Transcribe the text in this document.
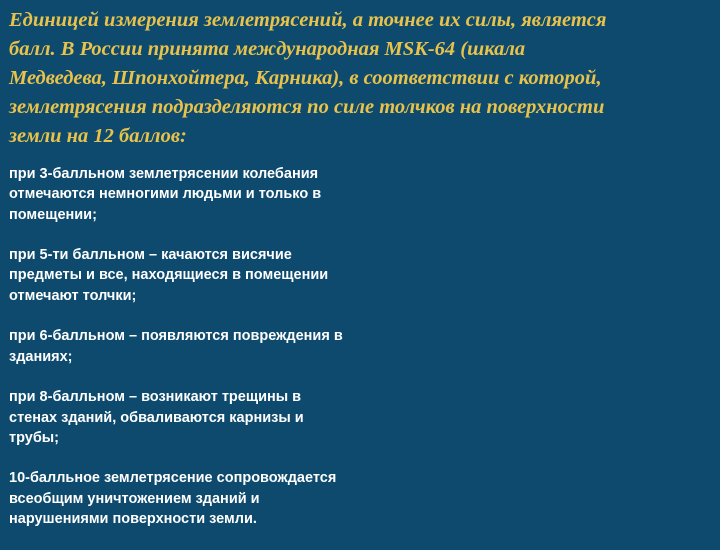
Единицей измерения землетрясений, а точнее их силы, является
балл. В России принята международная MSK-64 (шкала
Медведева, Шпонхойтера, Карника), в соответствии с которой,
землетрясения подразделяются по силе толчков на поверхности
земли на 12 баллов:

при 3-балльном землетрясении колебания
отмечаются немногими людьми и только в
помещении;

при 5-ти балльном – качаются висячие
предметы и все, находящиеся в помещении
отмечают толчки;

при 6-балльном – появляются повреждения в
зданиях;

при 8-балльном – возникают трещины в
стенах зданий, обваливаются карнизы и
трубы;

10-балльное землетрясение сопровождается
всеобщим уничтожением зданий и
нарушениями поверхности земли.
